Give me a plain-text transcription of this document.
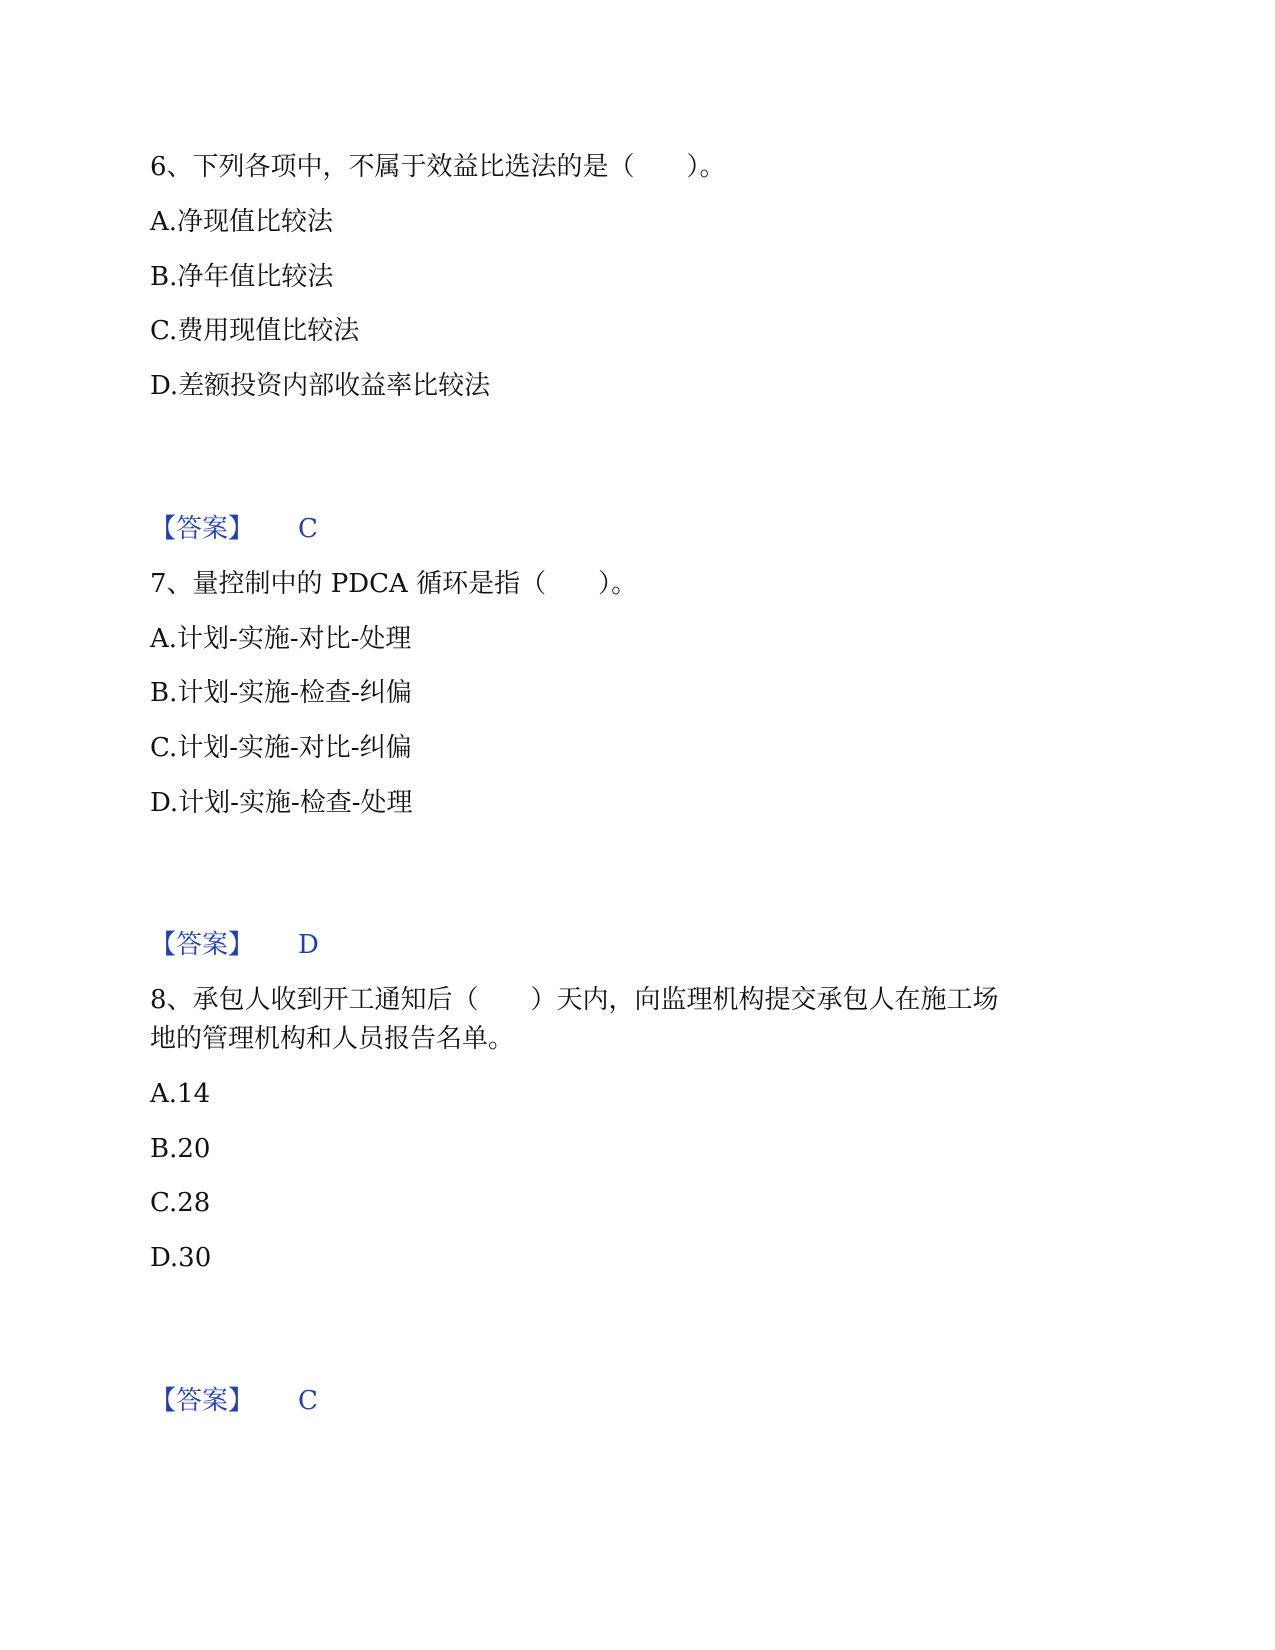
6、下列各项中，不属于效益比选法的是（　　）。
A.净现值比较法
B.净年值比较法
C.费用现值比较法
D.差额投资内部收益率比较法
【答案】 C
7、量控制中的 PDCA 循环是指（　　）。
A.计划-实施-对比-处理
B.计划-实施-检查-纠偏
C.计划-实施-对比-纠偏
D.计划-实施-检查-处理
【答案】 D
8、承包人收到开工通知后（　　）天内，向监理机构提交承包人在施工场
地的管理机构和人员报告名单。
A.14
B.20
C.28
D.30
【答案】 C
